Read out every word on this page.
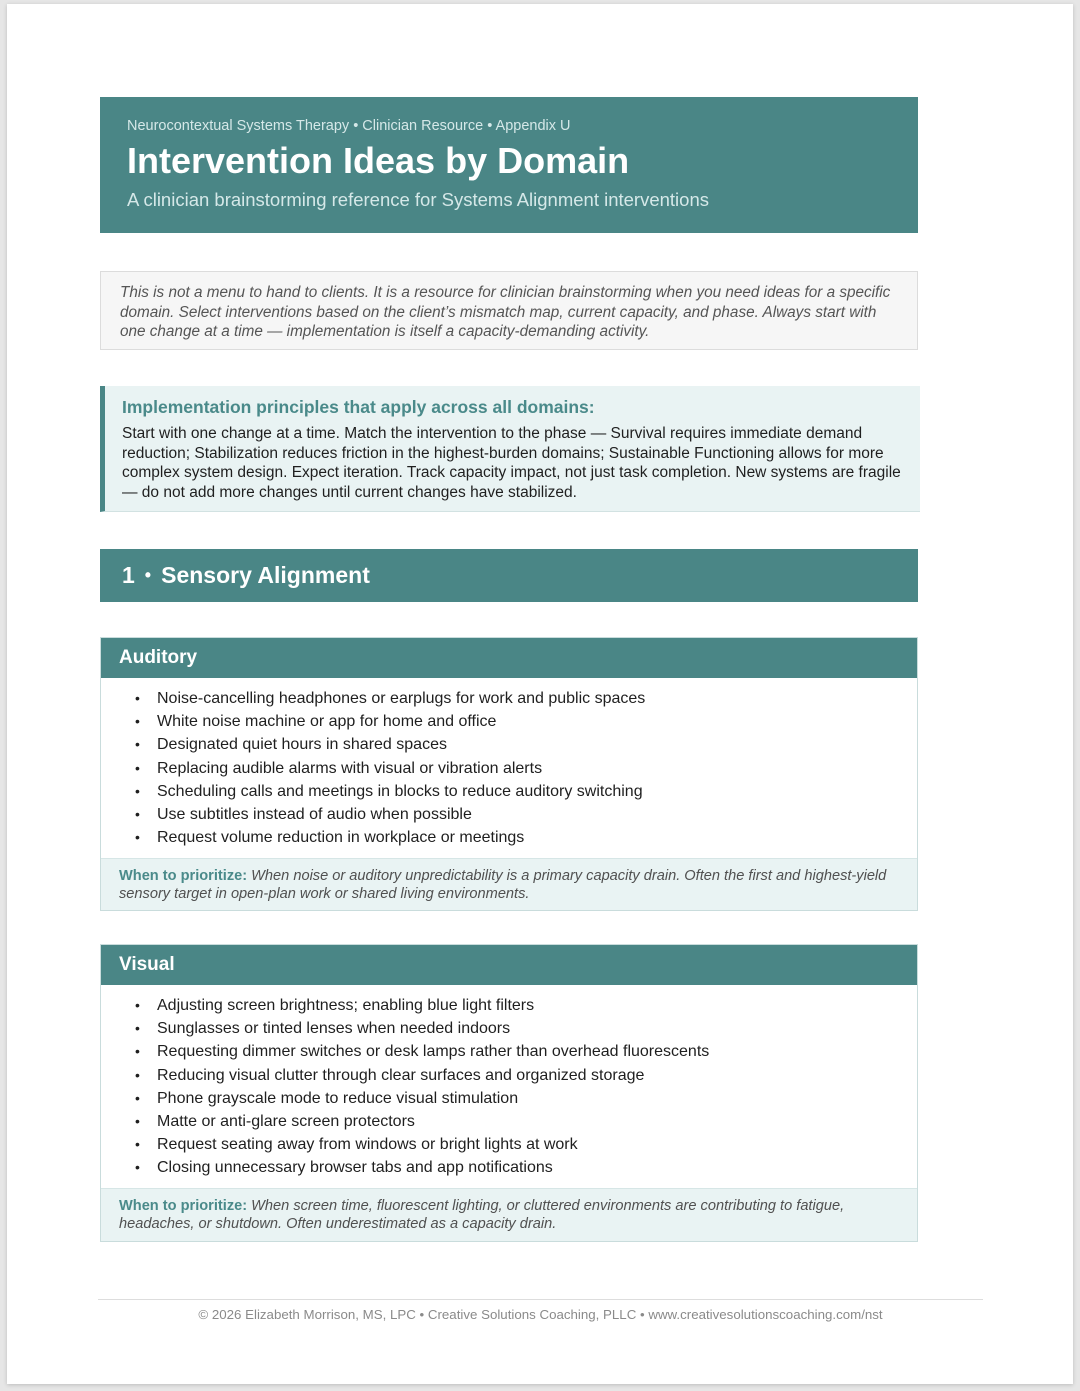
Neurocontextual Systems Therapy • Clinician Resource • Appendix U
Intervention Ideas by Domain
A clinician brainstorming reference for Systems Alignment interventions
This is not a menu to hand to clients. It is a resource for clinician brainstorming when you need ideas for a specific domain. Select interventions based on the client’s mismatch map, current capacity, and phase. Always start with one change at a time — implementation is itself a capacity-demanding activity.
Implementation principles that apply across all domains:
Start with one change at a time. Match the intervention to the phase — Survival requires immediate demand reduction; Stabilization reduces friction in the highest-burden domains; Sustainable Functioning allows for more complex system design. Expect iteration. Track capacity impact, not just task completion. New systems are fragile — do not add more changes until current changes have stabilized.
1 • Sensory Alignment
Auditory
• Noise-cancelling headphones or earplugs for work and public spaces
• White noise machine or app for home and office
• Designated quiet hours in shared spaces
• Replacing audible alarms with visual or vibration alerts
• Scheduling calls and meetings in blocks to reduce auditory switching
• Use subtitles instead of audio when possible
• Request volume reduction in workplace or meetings
When to prioritize: When noise or auditory unpredictability is a primary capacity drain. Often the first and highest-yield sensory target in open-plan work or shared living environments.
Visual
• Adjusting screen brightness; enabling blue light filters
• Sunglasses or tinted lenses when needed indoors
• Requesting dimmer switches or desk lamps rather than overhead fluorescents
• Reducing visual clutter through clear surfaces and organized storage
• Phone grayscale mode to reduce visual stimulation
• Matte or anti-glare screen protectors
• Request seating away from windows or bright lights at work
• Closing unnecessary browser tabs and app notifications
When to prioritize: When screen time, fluorescent lighting, or cluttered environments are contributing to fatigue, headaches, or shutdown. Often underestimated as a capacity drain.
© 2026 Elizabeth Morrison, MS, LPC • Creative Solutions Coaching, PLLC • www.creativesolutionscoaching.com/nst
